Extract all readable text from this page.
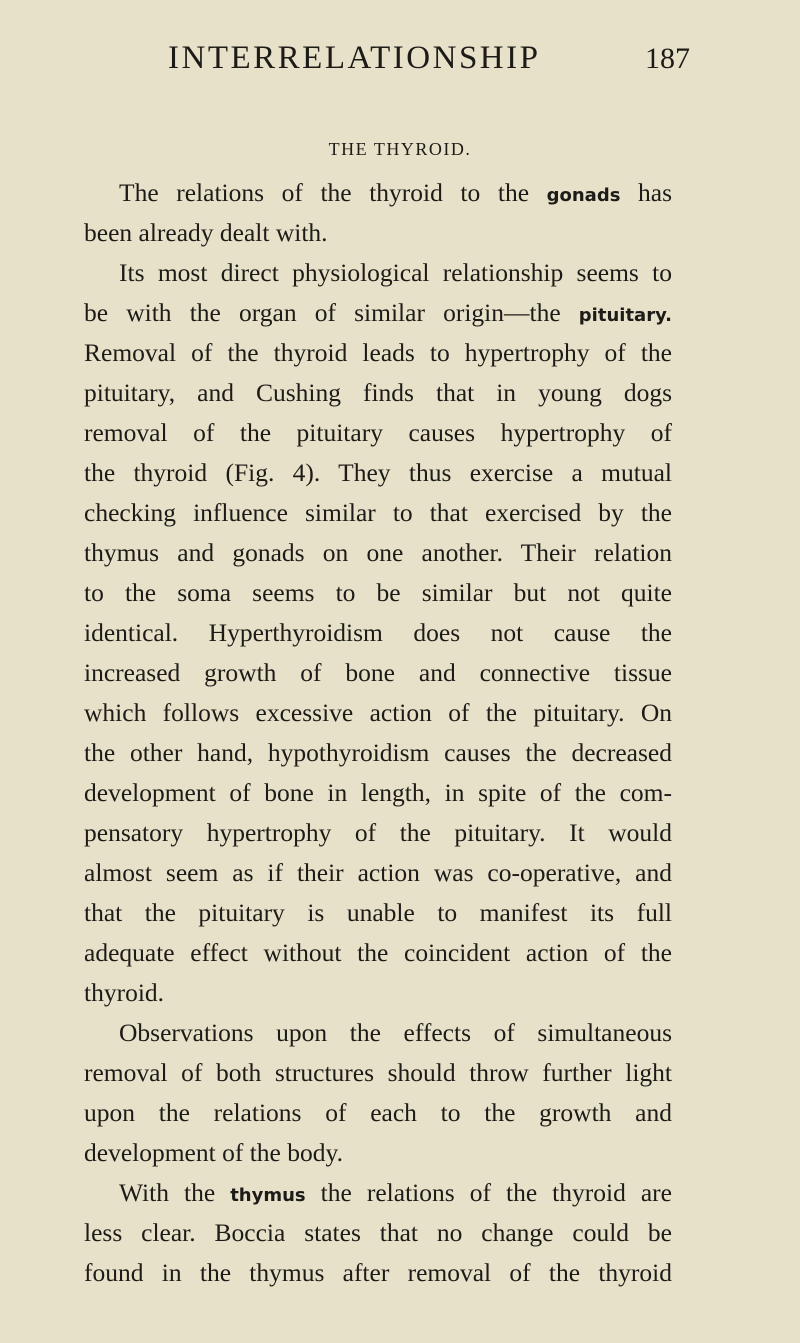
INTERRELATIONSHIP	187
THE THYROID.
The relations of the thyroid to the gonads has
been already dealt with.
Its most direct physiological relationship seems to
be with the organ of similar origin—the pituitary.
Removal of the thyroid leads to hypertrophy of the
pituitary, and Cushing finds that in young dogs
removal of the pituitary causes hypertrophy of
the thyroid (Fig. 4). They thus exercise a mutual
checking influence similar to that exercised by the
thymus and gonads on one another. Their relation
to the soma seems to be similar but not quite
identical. Hyperthyroidism does not cause the
increased growth of bone and connective tissue
which follows excessive action of the pituitary. On
the other hand, hypothyroidism causes the decreased
development of bone in length, in spite of the com-
pensatory hypertrophy of the pituitary. It would
almost seem as if their action was co-operative, and
that the pituitary is unable to manifest its full
adequate effect without the coincident action of the
thyroid.
Observations upon the effects of simultaneous
removal of both structures should throw further light
upon the relations of each to the growth and
development of the body.
With the thymus the relations of the thyroid are
less clear. Boccia states that no change could be
found in the thymus after removal of the thyroid
